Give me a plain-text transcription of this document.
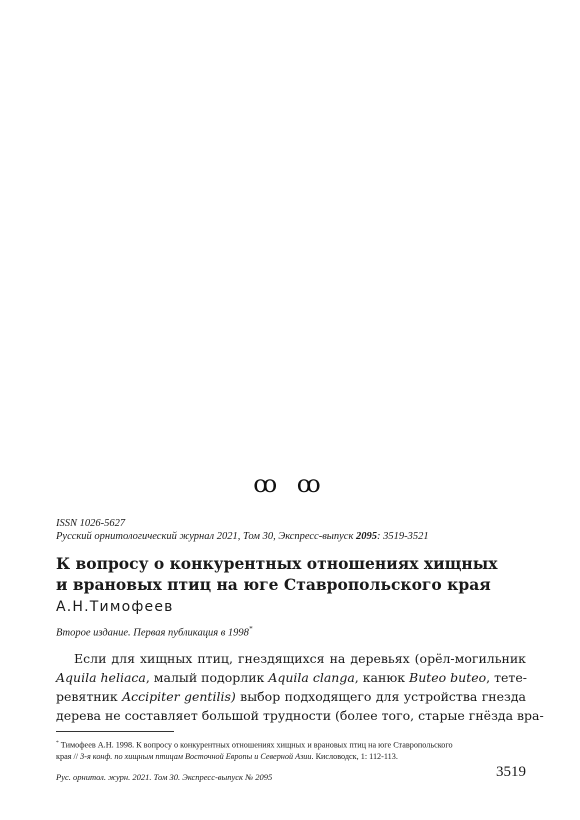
ꝏ ꝏ
ISSN 1026-5627
Русский орнитологический журнал 2021, Том 30, Экспресс-выпуск 2095: 3519-3521
К вопросу о конкурентных отношениях хищных
и врановых птиц на юге Ставропольского края
А.Н.Тимофеев
Второе издание. Первая публикация в 1998*

Если для хищных птиц, гнездящихся на деревьях (орёл-могильник
Aquila heliaca, малый подорлик Aquila clanga, канюк Buteo buteo, тете-
ревятник Accipiter gentilis) выбор подходящего для устройства гнезда
дерева не составляет большой трудности (более того, старые гнёзда вра-

* Тимофеев А.Н. 1998. К вопросу о конкурентных отношениях хищных и врановых птиц на юге Ставропольского
края // 3-я конф. по хищным птицам Восточной Европы и Северной Азии. Кисловодск, 1: 112-113.
Рус. орнитол. журн. 2021. Том 30. Экспресс-выпуск № 2095	3519
